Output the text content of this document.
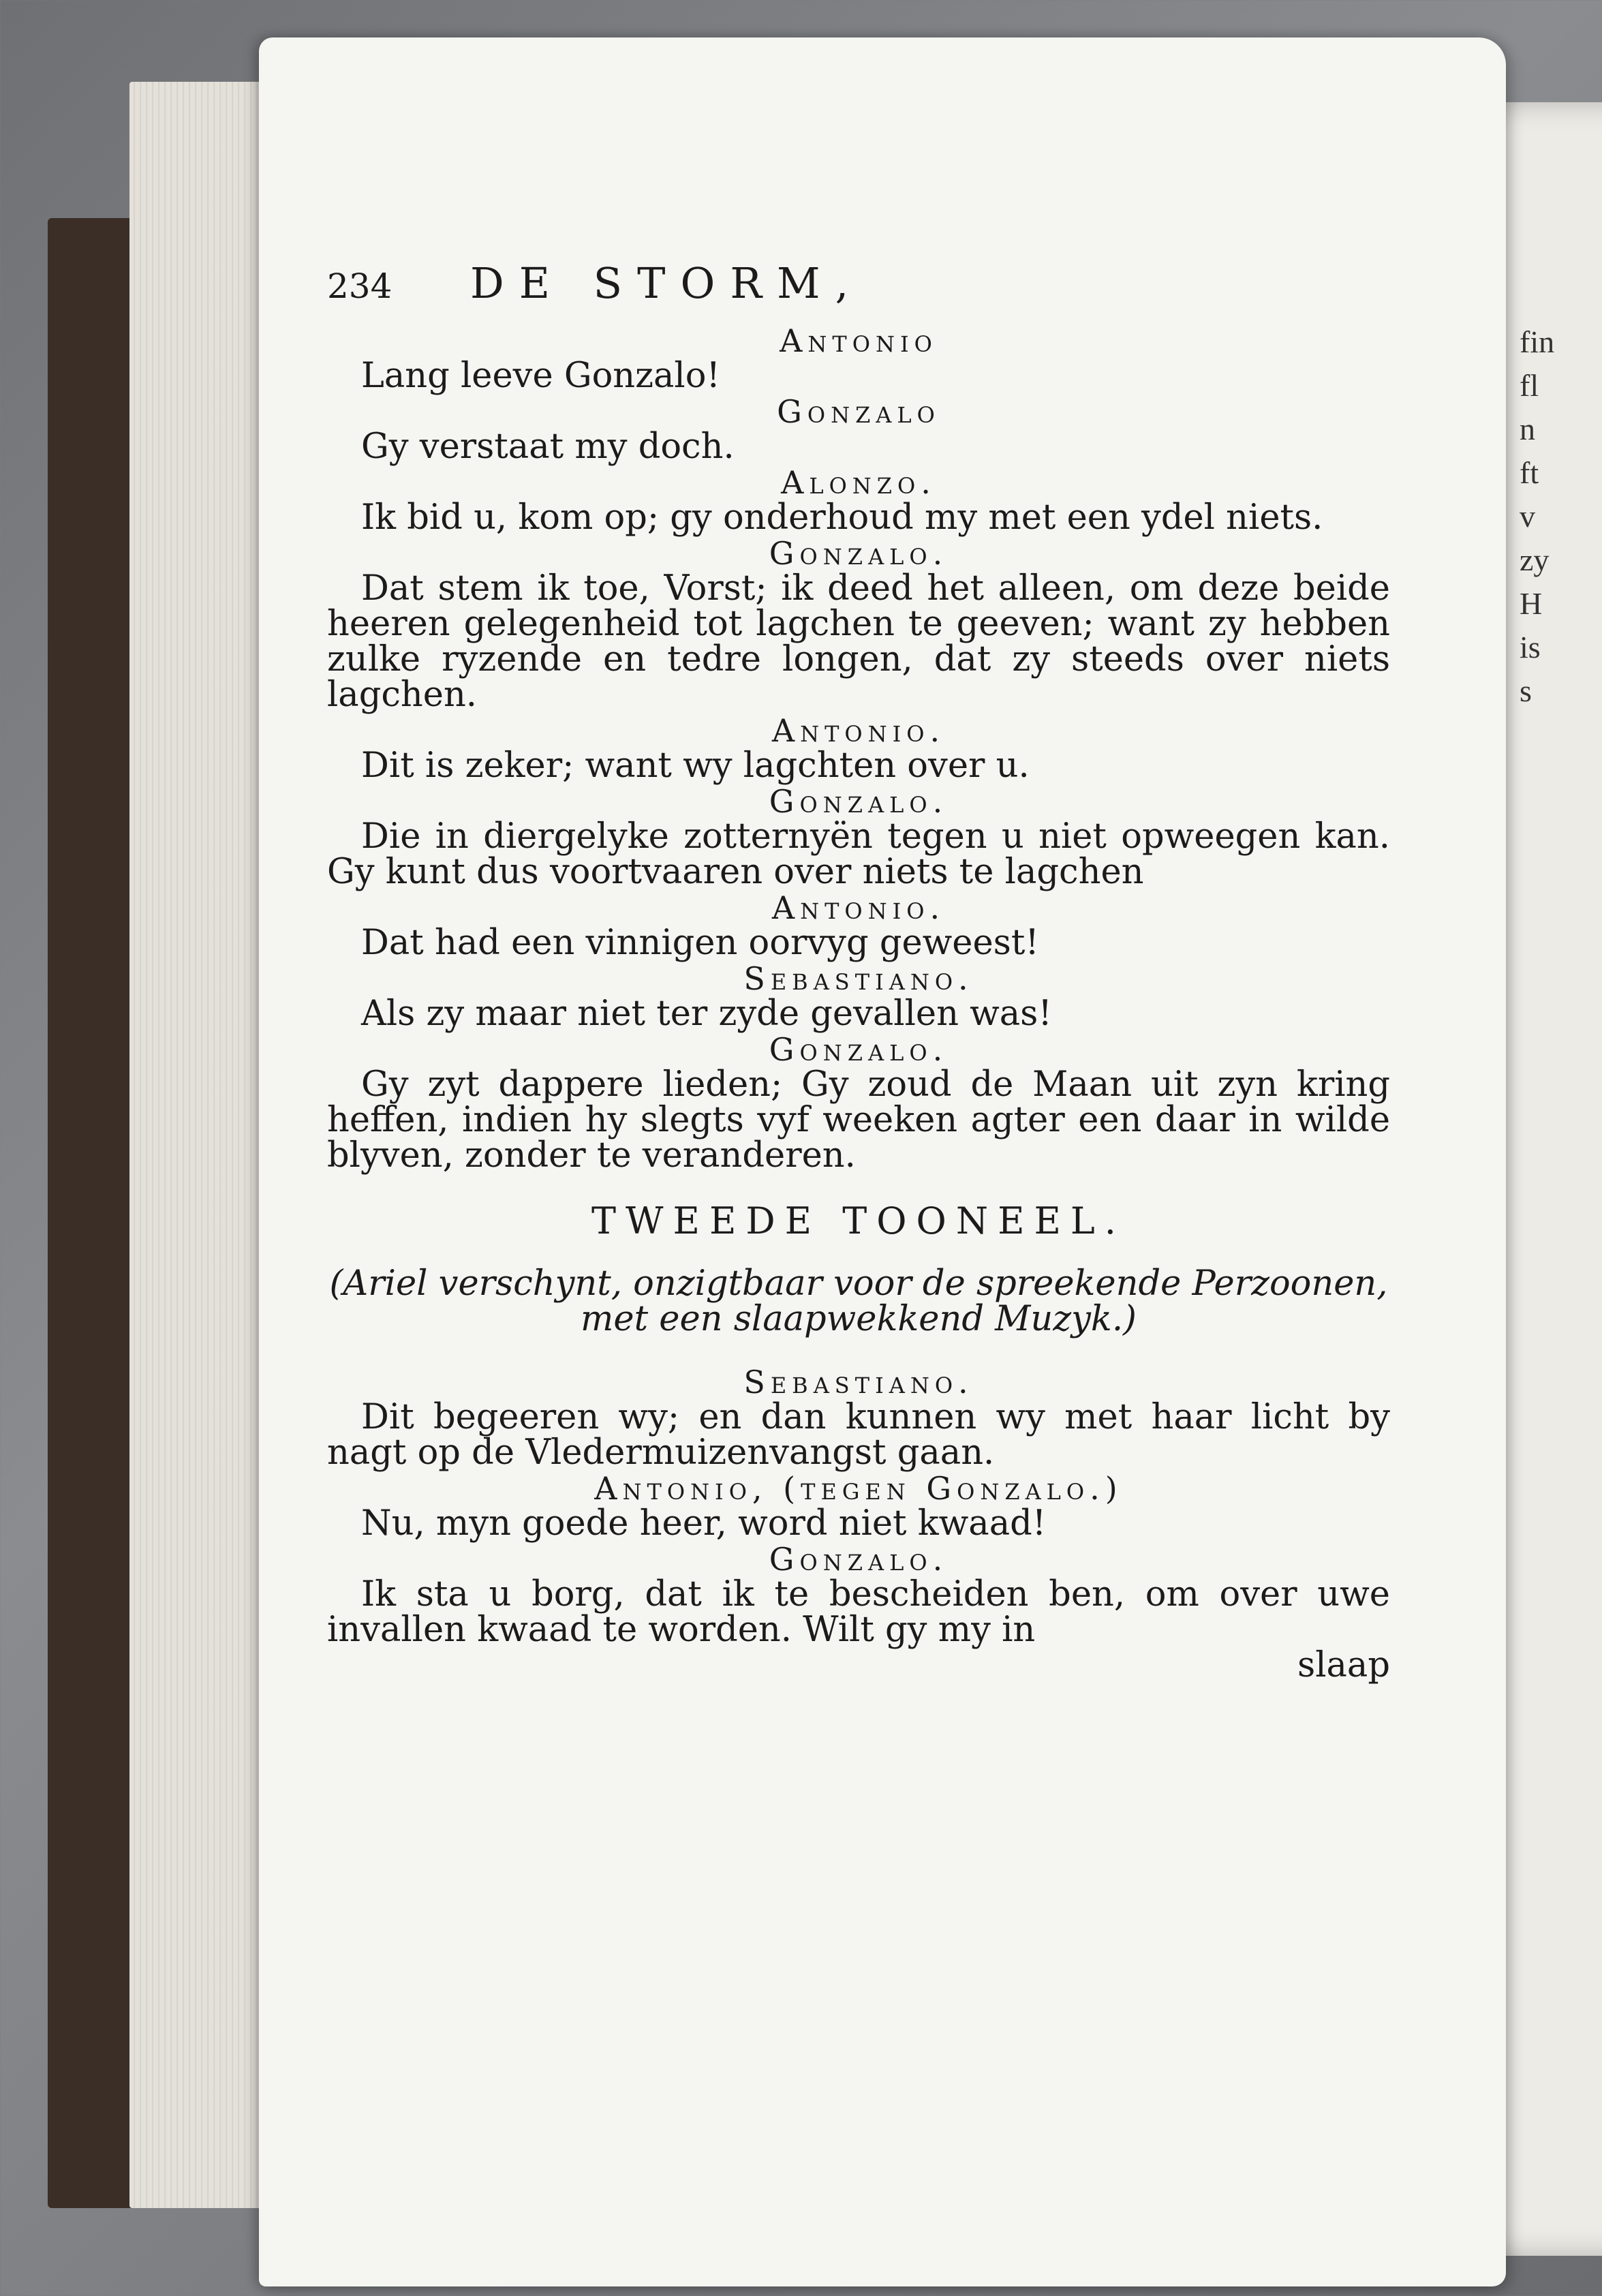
fin
fl
n
ft
v
zy
H
is
s
234	DE STORM,

Antonio

Lang leeve Gonzalo!

Gonzalo

Gy verstaat my doch.

Alonzo.

Ik bid u, kom op; gy onderhoud my met een ydel niets.

Gonzalo.

Dat stem ik toe, Vorst; ik deed het alleen, om deze beide heeren gelegenheid tot lagchen te geeven; want zy hebben zulke ryzende en tedre longen, dat zy steeds over niets lagchen.

Antonio.

Dit is zeker; want wy lagchten over u.

Gonzalo.

Die in diergelyke zotternyën tegen u niet opweegen kan. Gy kunt dus voortvaaren over niets te lagchen

Antonio.

Dat had een vinnigen oorvyg geweest!

Sebastiano.

Als zy maar niet ter zyde gevallen was!

Gonzalo.

Gy zyt dappere lieden; Gy zoud de Maan uit zyn kring heffen, indien hy slegts vyf weeken agter een daar in wilde blyven, zonder te veranderen.

TWEEDE TOONEEL.

(Ariel verschynt, onzigtbaar voor de spreekende Perzoonen, met een slaapwekkend Muzyk.)

Sebastiano.

Dit begeeren wy; en dan kunnen wy met haar licht by nagt op de Vledermuizenvangst gaan.

Antonio, (tegen Gonzalo.)

Nu, myn goede heer, word niet kwaad!

Gonzalo.

Ik sta u borg, dat ik te bescheiden ben, om over uwe invallen kwaad te worden. Wilt gy my in

slaap
